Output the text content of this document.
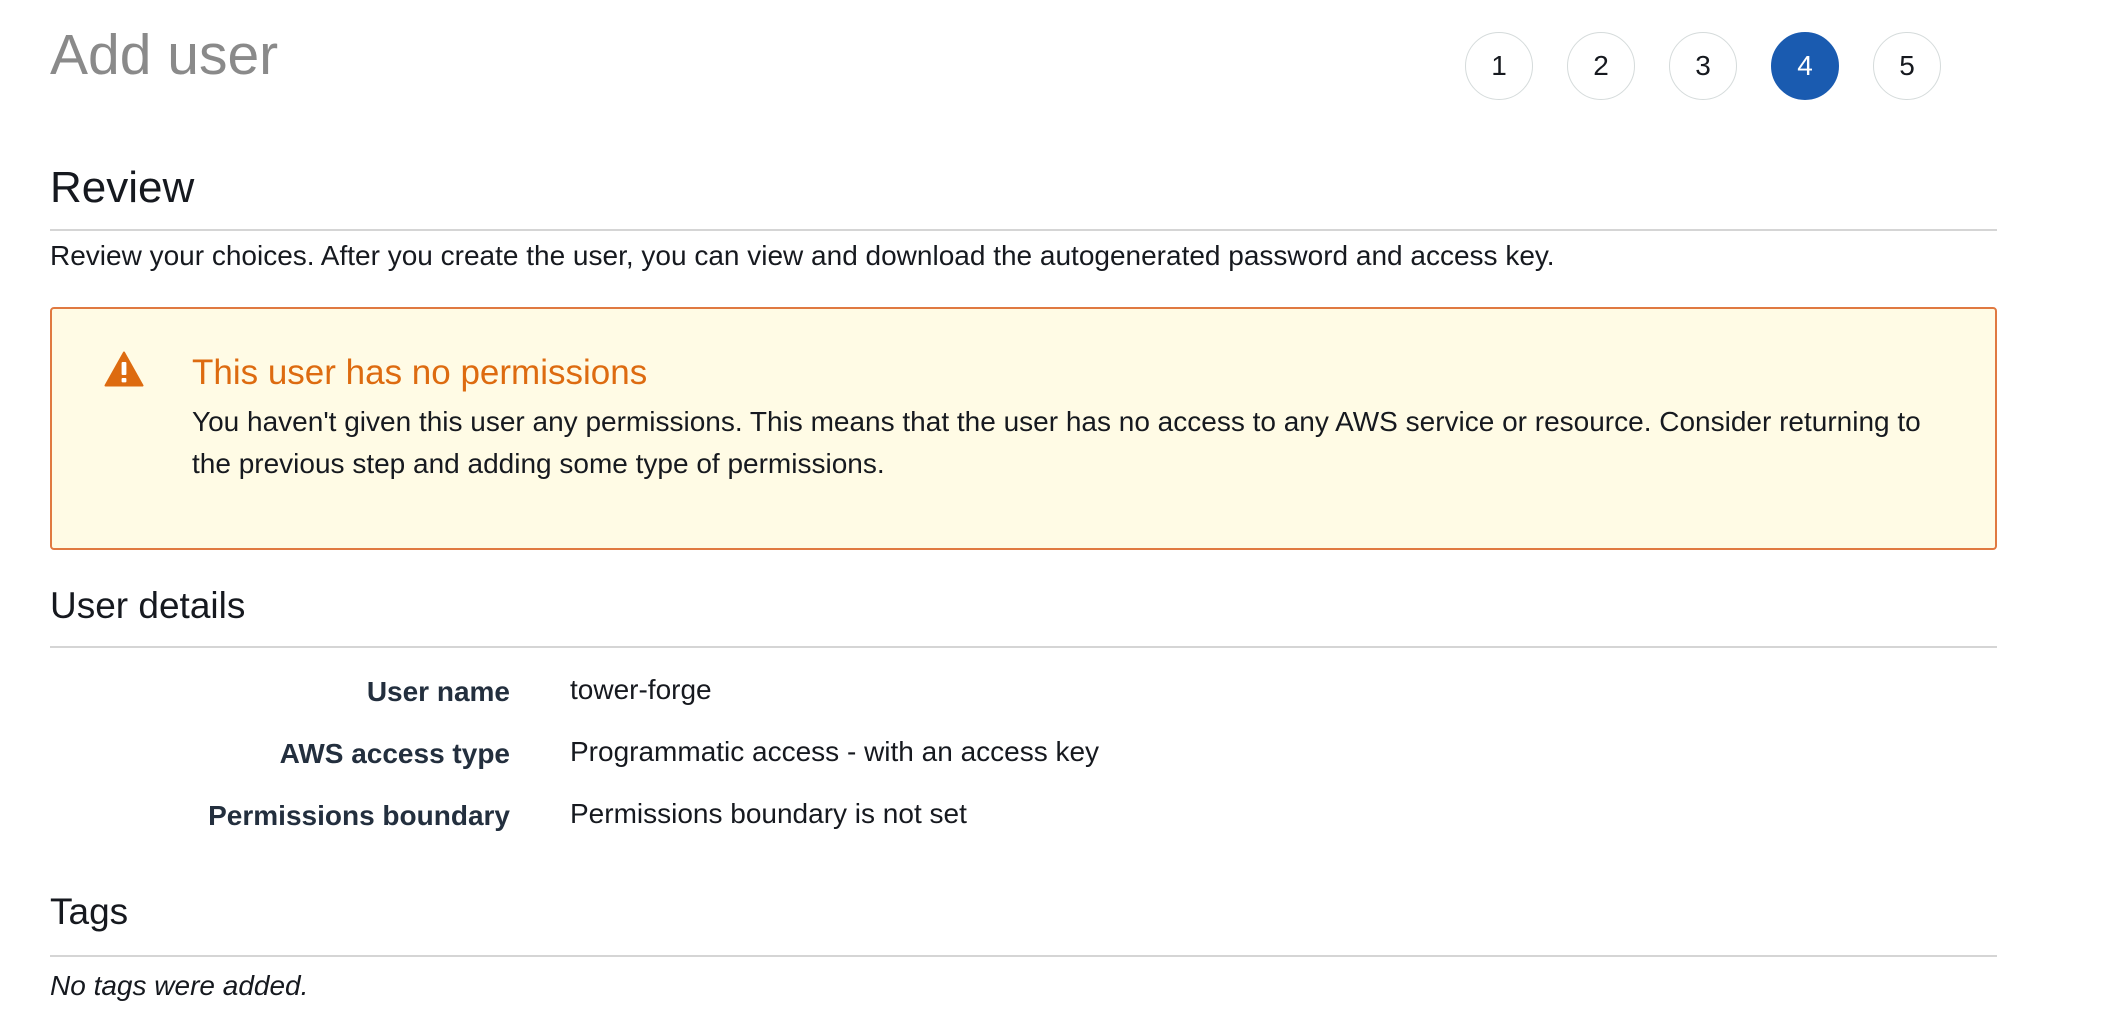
Add user	1	2	3	4	5
Review

Review your choices. After you create the user, you can view and download the autogenerated password and access key.

This user has no permissions

You haven't given this user any permissions. This means that the user has no access to any AWS service or resource. Consider returning to the previous step and adding some type of permissions.

User details
User name tower-forge
AWS access type Programmatic access - with an access key
Permissions boundary Permissions boundary is not set
Tags

No tags were added.
